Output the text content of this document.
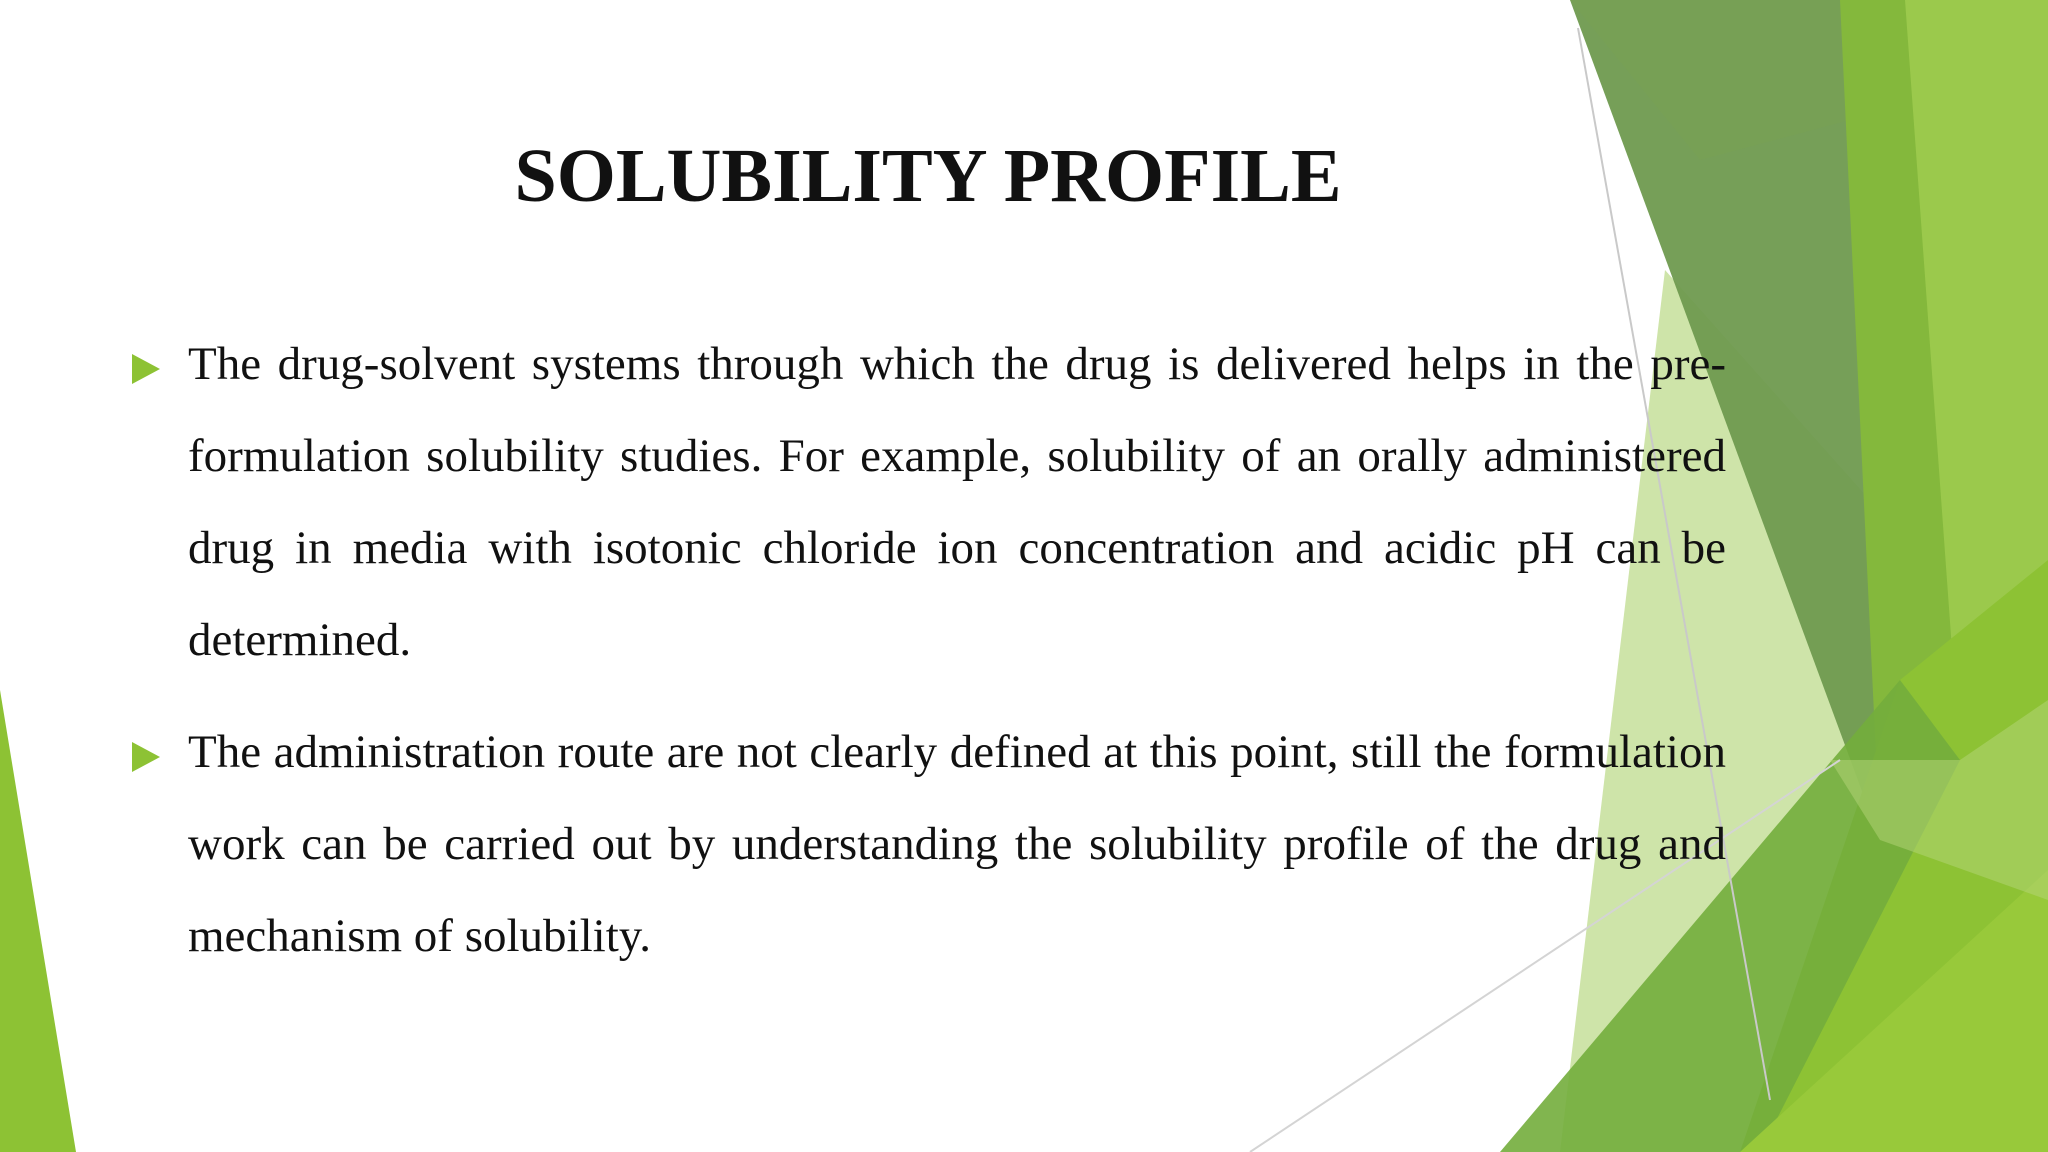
SOLUBILITY PROFILE
The drug-solvent systems through which the drug is delivered helps in the pre-formulation solubility studies. For example, solubility of an orally administered drug in media with isotonic chloride ion concentration and acidic pH can be determined.
The administration route are not clearly defined at this point, still the formulation work can be carried out by understanding the solubility profile of the drug and mechanism of solubility.
